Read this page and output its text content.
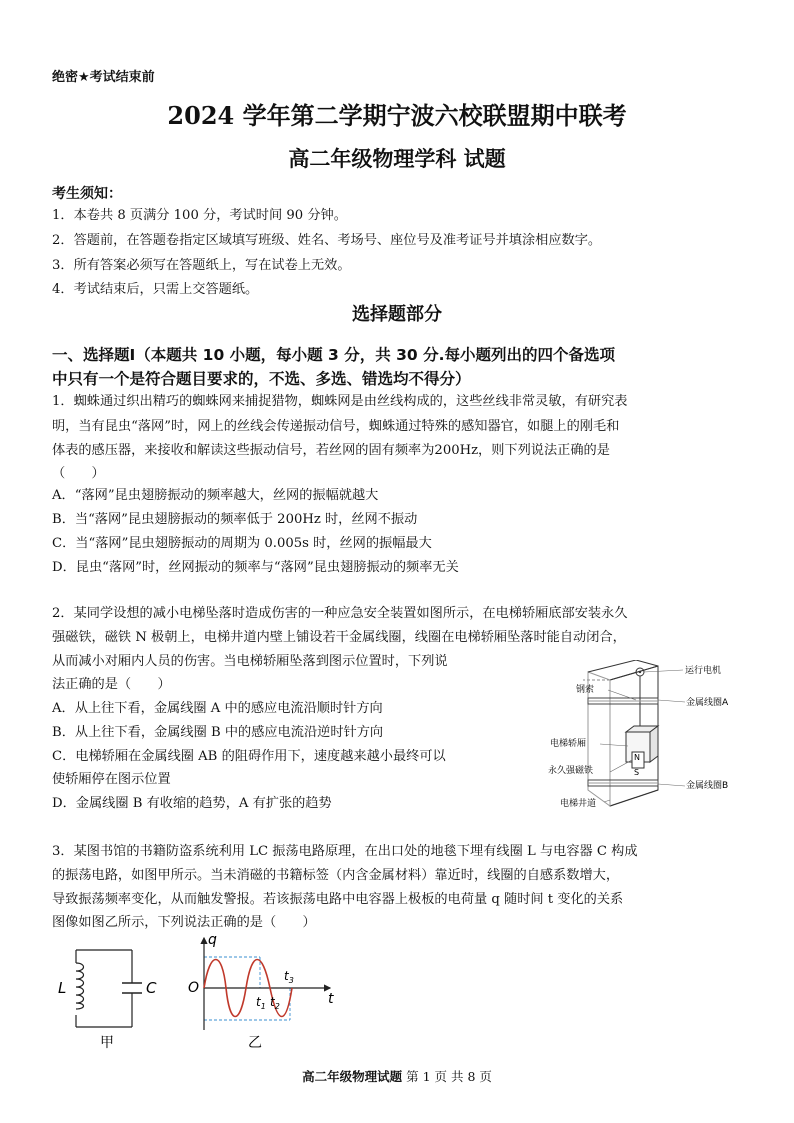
绝密★考试结束前
2024 学年第二学期宁波六校联盟期中联考
高二年级物理学科 试题
考生须知：
1．本卷共 8 页满分 100 分，考试时间 90 分钟。
2．答题前，在答题卷指定区域填写班级、姓名、考场号、座位号及准考证号并填涂相应数字。
3．所有答案必须写在答题纸上，写在试卷上无效。
4．考试结束后，只需上交答题纸。
选择题部分
一、选择题Ⅰ（本题共 10 小题，每小题 3 分，共 30 分.每小题列出的四个备选项
中只有一个是符合题目要求的，不选、多选、错选均不得分）
1．蜘蛛通过织出精巧的蜘蛛网来捕捉猎物，蜘蛛网是由丝线构成的，这些丝线非常灵敏，有研究表
明，当有昆虫“落网”时，网上的丝线会传递振动信号，蜘蛛通过特殊的感知器官，如腿上的刚毛和
体表的感压器，来接收和解读这些振动信号，若丝网的固有频率为200Hz，则下列说法正确的是
（　　）
A．“落网”昆虫翅膀振动的频率越大，丝网的振幅就越大
B．当“落网”昆虫翅膀振动的频率低于 200Hz 时，丝网不振动
C．当“落网”昆虫翅膀振动的周期为 0.005s 时，丝网的振幅最大
D．昆虫“落网”时，丝网振动的频率与“落网”昆虫翅膀振动的频率无关
2．某同学设想的减小电梯坠落时造成伤害的一种应急安全装置如图所示，在电梯轿厢底部安装永久
强磁铁，磁铁 N 极朝上，电梯井道内壁上铺设若干金属线圈，线圈在电梯轿厢坠落时能自动闭合，
从而减小对厢内人员的伤害。当电梯轿厢坠落到图示位置时，下列说
法正确的是（　　）
A．从上往下看，金属线圈 A 中的感应电流沿顺时针方向
B．从上往下看，金属线圈 B 中的感应电流沿逆时针方向
C．电梯轿厢在金属线圈 AB 的阻碍作用下，速度越来越小最终可以
使轿厢停在图示位置
D．金属线圈 B 有收缩的趋势，A 有扩张的趋势
N
S
运行电机
钢索
金属线圈A
电梯轿厢
永久强磁铁
金属线圈B
电梯井道
3．某图书馆的书籍防盗系统利用 LC 振荡电路原理，在出口处的地毯下埋有线圈 L 与电容器 C 构成
的振荡电路，如图甲所示。当未消磁的书籍标签（内含金属材料）靠近时，线圈的自感系数增大，
导致振荡频率变化，从而触发警报。若该振荡电路中电容器上极板的电荷量 q 随时间 t 变化的关系
图像如图乙所示，下列说法正确的是（　　）
L	C
甲
q
t
O
$t_1$ $t_2$
$t_3$
乙
高二年级物理试题 第 1 页 共 8 页
